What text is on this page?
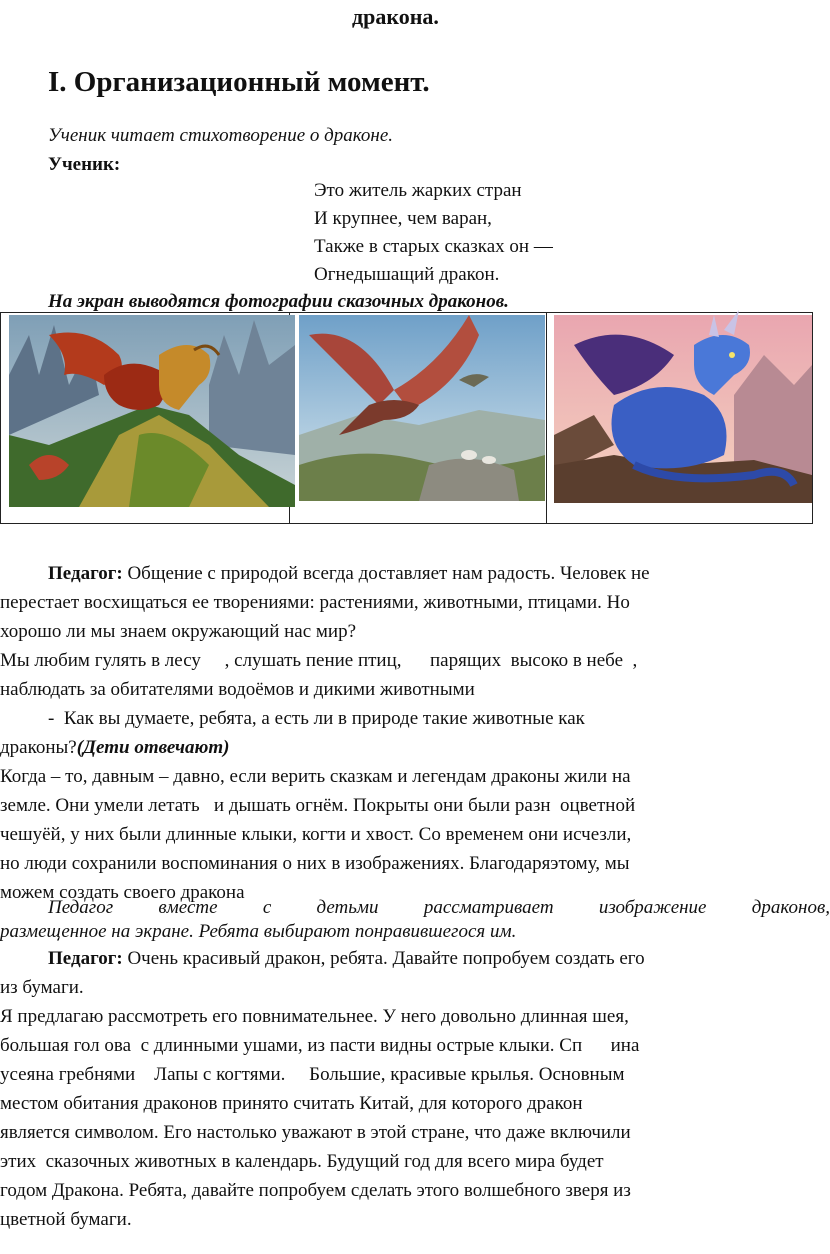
дракона.
I. Организационный момент.
Ученик читает стихотворение о драконе.
Ученик:
Это житель жарких стран
И крупнее, чем варан,
Также в старых сказках он —
Огнедышащий дракон.
На экран выводятся фотографии сказочных драконов.
Педагог: Общение с природой всегда доставляет нам радость. Человек не
перестает восхищаться ее творениями: растениями, животными, птицами. Но
хорошо ли мы знаем окружающий нас мир?
Мы любим гулять в лесу     , слушать пение птиц,      парящих  высоко в небе  ,
наблюдать за обитателями водоёмов и дикими животными
-  Как вы думаете, ребята, а есть ли в природе такие животные как
драконы?(Дети отвечают)
Когда – то, давным – давно, если верить сказкам и легендам драконы жили на
земле. Они умели летать   и дышать огнём. Покрыты они были разн  оцветной
чешуёй, у них были длинные клыки, когти и хвост. Со временем они исчезли,
но люди сохранили воспоминания о них в изображениях. Благодаряэтому, мы
можем создать своего дракона
Педагог вместе с детьми рассматривает изображение драконов,
размещенное на экране. Ребята выбирают понравившегося им.
Педагог: Очень красивый дракон, ребята. Давайте попробуем создать его
из бумаги.
Я предлагаю рассмотреть его повнимательнее. У него довольно длинная шея,
большая гол ова  с длинными ушами, из пасти видны острые клыки. Сп      ина
усеяна гребнями    Лапы с когтями.     Большие, красивые крылья. Основным
местом обитания драконов принято считать Китай, для которого дракон
является символом. Его настолько уважают в этой стране, что даже включили
этих  сказочных животных в календарь. Будущий год для всего мира будет
годом Дракона. Ребята, давайте попробуем сделать этого волшебного зверя из
цветной бумаги.
